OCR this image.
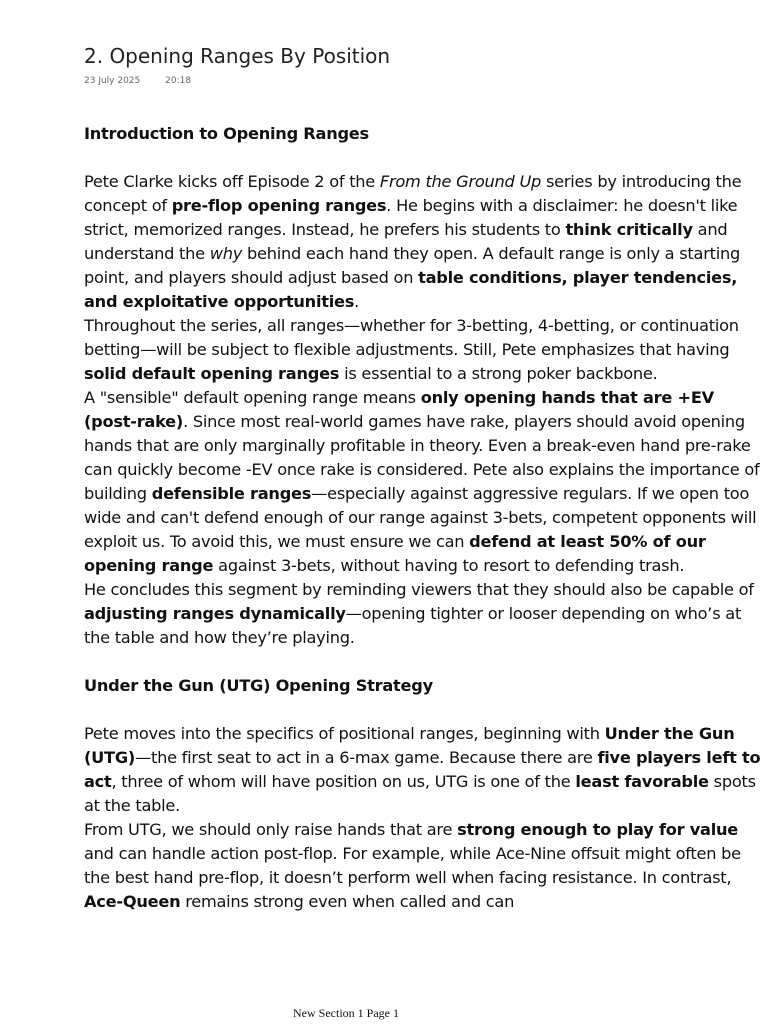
2. Opening Ranges By Position
23 July 2025	20:18
Introduction to Opening Ranges

Pete Clarke kicks off Episode 2 of the From the Ground Up series by introducing the concept of pre-flop opening ranges. He begins with a disclaimer: he doesn't like strict, memorized ranges. Instead, he prefers his students to think critically and understand the why behind each hand they open. A default range is only a starting point, and players should adjust based on table conditions, player tendencies, and exploitative opportunities.

Throughout the series, all ranges—whether for 3-betting, 4-betting, or continuation betting—will be subject to flexible adjustments. Still, Pete emphasizes that having solid default opening ranges is essential to a strong poker backbone.

A "sensible" default opening range means only opening hands that are +EV (post-rake). Since most real-world games have rake, players should avoid opening hands that are only marginally profitable in theory. Even a break-even hand pre-rake can quickly become -EV once rake is considered. Pete also explains the importance of building defensible ranges—especially against aggressive regulars. If we open too wide and can't defend enough of our range against 3-bets, competent opponents will exploit us. To avoid this, we must ensure we can defend at least 50% of our opening range against 3-bets, without having to resort to defending trash.

He concludes this segment by reminding viewers that they should also be capable of adjusting ranges dynamically—opening tighter or looser depending on who’s at the table and how they’re playing.

Under the Gun (UTG) Opening Strategy

Pete moves into the specifics of positional ranges, beginning with Under the Gun (UTG)—the first seat to act in a 6-max game. Because there are five players left to act, three of whom will have position on us, UTG is one of the least favorable spots at the table.

From UTG, we should only raise hands that are strong enough to play for value and can handle action post-flop. For example, while Ace-Nine offsuit might often be the best hand pre-flop, it doesn’t perform well when facing resistance. In contrast, Ace-Queen remains strong even when called and can

New Section 1 Page 1
